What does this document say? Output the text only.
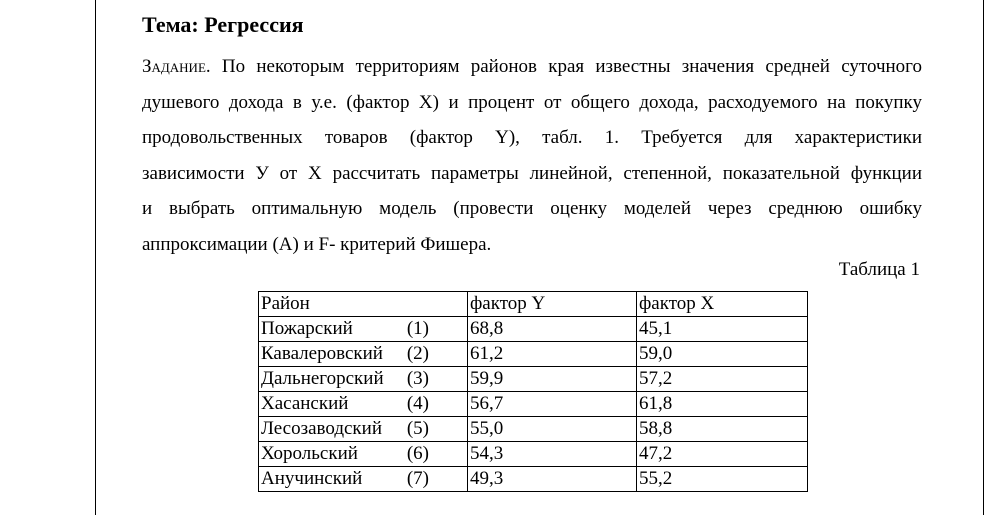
Тема: Регрессия
Задание. По некоторым территориям районов края известны значения средней суточного
душевого дохода в у.е. (фактор Х) и процент от общего дохода, расходуемого на покупку
продовольственных товаров (фактор Y), табл. 1. Требуется для характеристики
зависимости У от Х рассчитать параметры линейной, степенной, показательной функции
и выбрать оптимальную модель (провести оценку моделей через среднюю ошибку
аппроксимации (А) и F- критерий Фишера.
Таблица 1
Район	фактор Y	фактор X

Пожарский (1)	68,8	45,1

Кавалеровский (2)	61,2	59,0

Дальнегорский (3)	59,9	57,2

Хасанский (4)	56,7	61,8

Лесозаводский (5)	55,0	58,8

Хорольский (6)	54,3	47,2

Анучинский (7)	49,3	55,2
